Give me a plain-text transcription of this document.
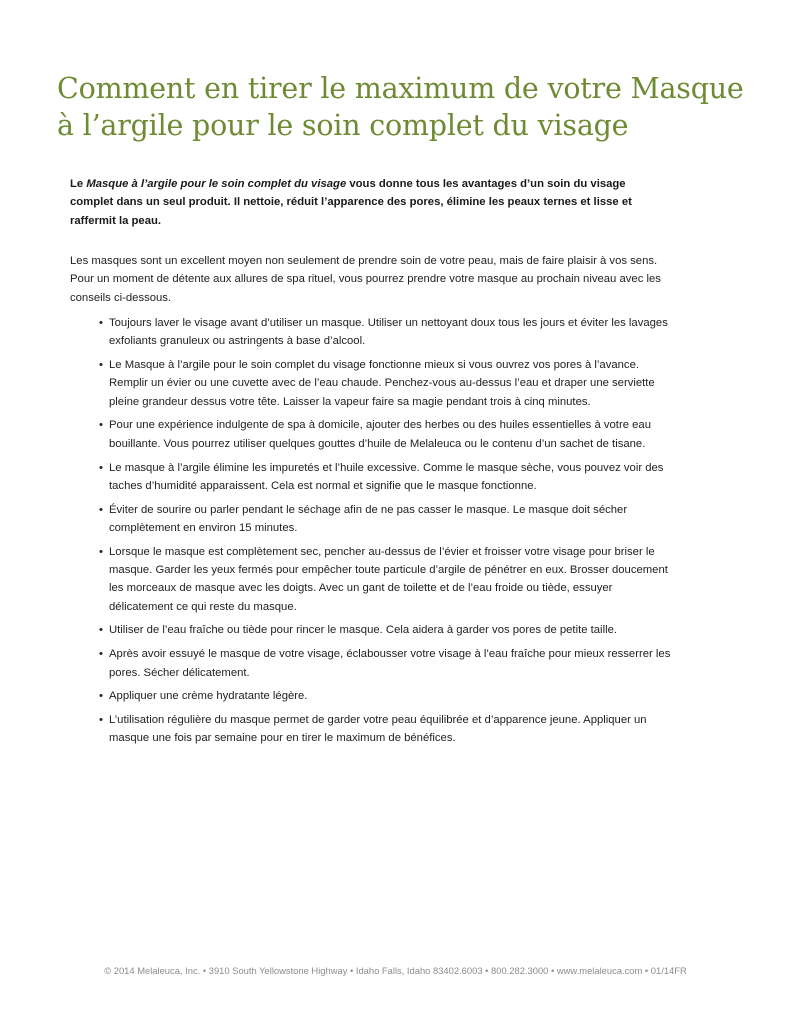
Comment en tirer le maximum de votre Masque à l’argile pour le soin complet du visage

Le Masque à l’argile pour le soin complet du visage vous donne tous les avantages d’un soin du visage complet dans un seul produit. Il nettoie, réduit l’apparence des pores, élimine les peaux ternes et lisse et raffermit la peau.

Les masques sont un excellent moyen non seulement de prendre soin de votre peau, mais de faire plaisir à vos sens. Pour un moment de détente aux allures de spa rituel, vous pourrez prendre votre masque au prochain niveau avec les conseils ci-dessous.

• Toujours laver le visage avant d’utiliser un masque. Utiliser un nettoyant doux tous les jours et éviter les lavages exfoliants granuleux ou astringents à base d’alcool.
• Le Masque à l’argile pour le soin complet du visage fonctionne mieux si vous ouvrez vos pores à l’avance. Remplir un évier ou une cuvette avec de l’eau chaude. Penchez-vous au-dessus l’eau et draper une serviette pleine grandeur dessus votre tête. Laisser la vapeur faire sa magie pendant trois à cinq minutes.
• Pour une expérience indulgente de spa à domicile, ajouter des herbes ou des huiles essentielles à votre eau bouillante. Vous pourrez utiliser quelques gouttes d’huile de Melaleuca ou le contenu d’un sachet de tisane.
• Le masque à l’argile élimine les impuretés et l’huile excessive. Comme le masque sèche, vous pouvez voir des taches d’humidité apparaissent. Cela est normal et signifie que le masque fonctionne.
• Éviter de sourire ou parler pendant le séchage afin de ne pas casser le masque. Le masque doit sécher complètement en environ 15 minutes.
• Lorsque le masque est complètement sec, pencher au-dessus de l’évier et froisser votre visage pour briser le masque. Garder les yeux fermés pour empêcher toute particule d’argile de pénétrer en eux. Brosser doucement les morceaux de masque avec les doigts. Avec un gant de toilette et de l’eau froide ou tiède, essuyer délicatement ce qui reste du masque.
• Utiliser de l’eau fraîche ou tiède pour rincer le masque. Cela aidera à garder vos pores de petite taille.
• Après avoir essuyé le masque de votre visage, éclabousser votre visage à l’eau fraîche pour mieux resserrer les pores. Sécher délicatement.
• Appliquer une crème hydratante légère.
• L’utilisation régulière du masque permet de garder votre peau équilibrée et d’apparence jeune. Appliquer un masque une fois par semaine pour en tirer le maximum de bénéfices.

© 2014 Melaleuca, Inc. • 3910 South Yellowstone Highway • Idaho Falls, Idaho 83402.6003 • 800.282.3000 • www.melaleuca.com • 01/14FR
